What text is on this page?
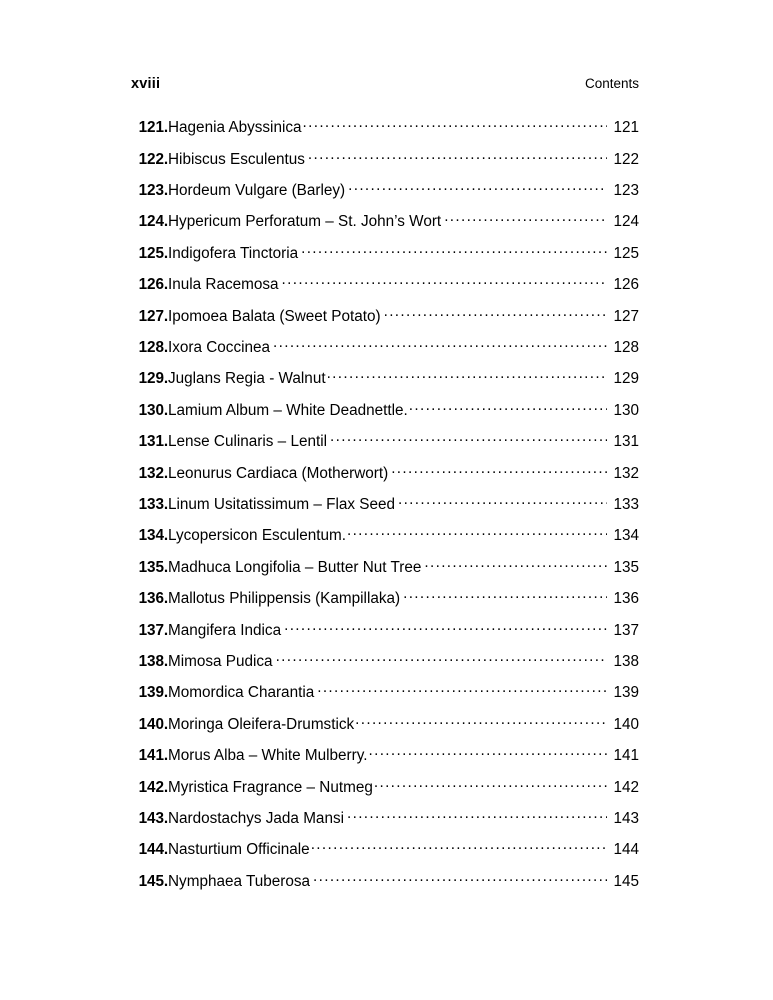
xviii	Contents
121. Hagenia Abyssinica .....	121
122. Hibiscus Esculentus .....	122
123. Hordeum Vulgare (Barley) .....	123
124. Hypericum Perforatum – St. John’s Wort .....	124
125. Indigofera Tinctoria .....	125
126. Inula Racemosa .....	126
127. Ipomoea Balata (Sweet Potato) .....	127
128. Ixora Coccinea .....	128
129. Juglans Regia - Walnut .....	129
130. Lamium Album – White Deadnettle. .....	130
131. Lense Culinaris – Lentil .....	131
132. Leonurus Cardiaca (Motherwort) .....	132
133. Linum Usitatissimum – Flax Seed .....	133
134. Lycopersicon Esculentum. .....	134
135. Madhuca Longifolia – Butter Nut Tree .....	135
136. Mallotus Philippensis (Kampillaka) .....	136
137. Mangifera Indica .....	137
138. Mimosa Pudica .....	138
139. Momordica Charantia .....	139
140. Moringa Oleifera-Drumstick .....	140
141. Morus Alba – White Mulberry. .....	141
142. Myristica Fragrance – Nutmeg .....	142
143. Nardostachys Jada Mansi .....	143
144. Nasturtium Officinale .....	144
145. Nymphaea Tuberosa .....	145
